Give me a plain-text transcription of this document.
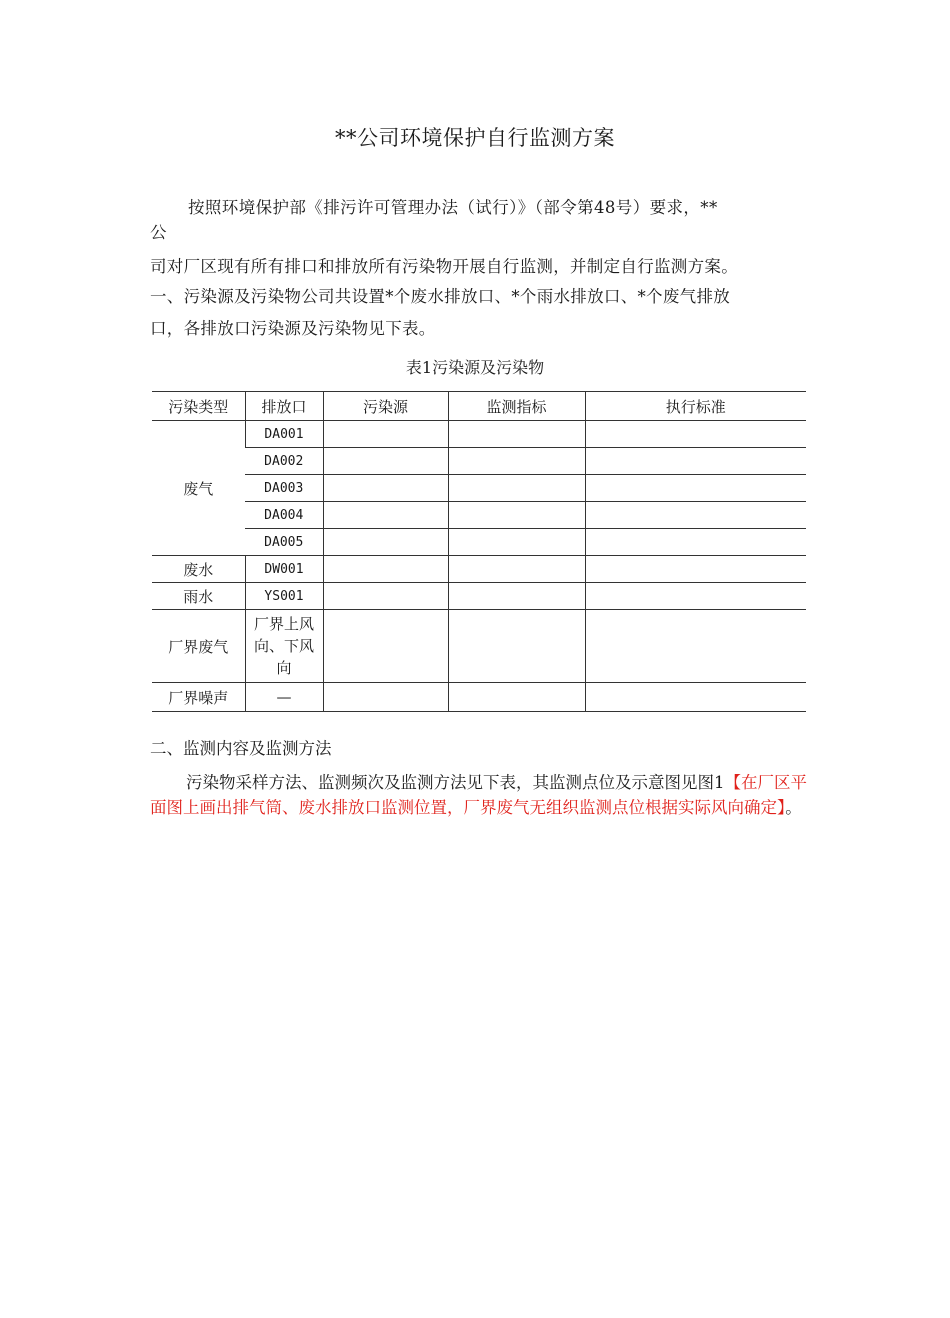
**公司环境保护自行监测方案
按照环境保护部《排污许可管理办法（试行）》（部令第48号）要求，**
公
司对厂区现有所有排口和排放所有污染物开展自行监测，并制定自行监测方案。
一、污染源及污染物公司共设置*个废水排放口、*个雨水排放口、*个废气排放
口，各排放口污染源及污染物见下表。
表1污染源及污染物
污染类型	排放口	污染源	监测指标	执行标准
废气	DA001			
	DA002			
	DA003			
	DA004			
	DA005			
废水	DW001			
雨水	YS001			
厂界废气	厂界上风向、下风向			
厂界噪声	—			
二、监测内容及监测方法
污染物采样方法、监测频次及监测方法见下表，其监测点位及示意图见图1【在厂区平面图上画出排气筒、废水排放口监测位置，厂界废气无组织监测点位根据实际风向确定】。
